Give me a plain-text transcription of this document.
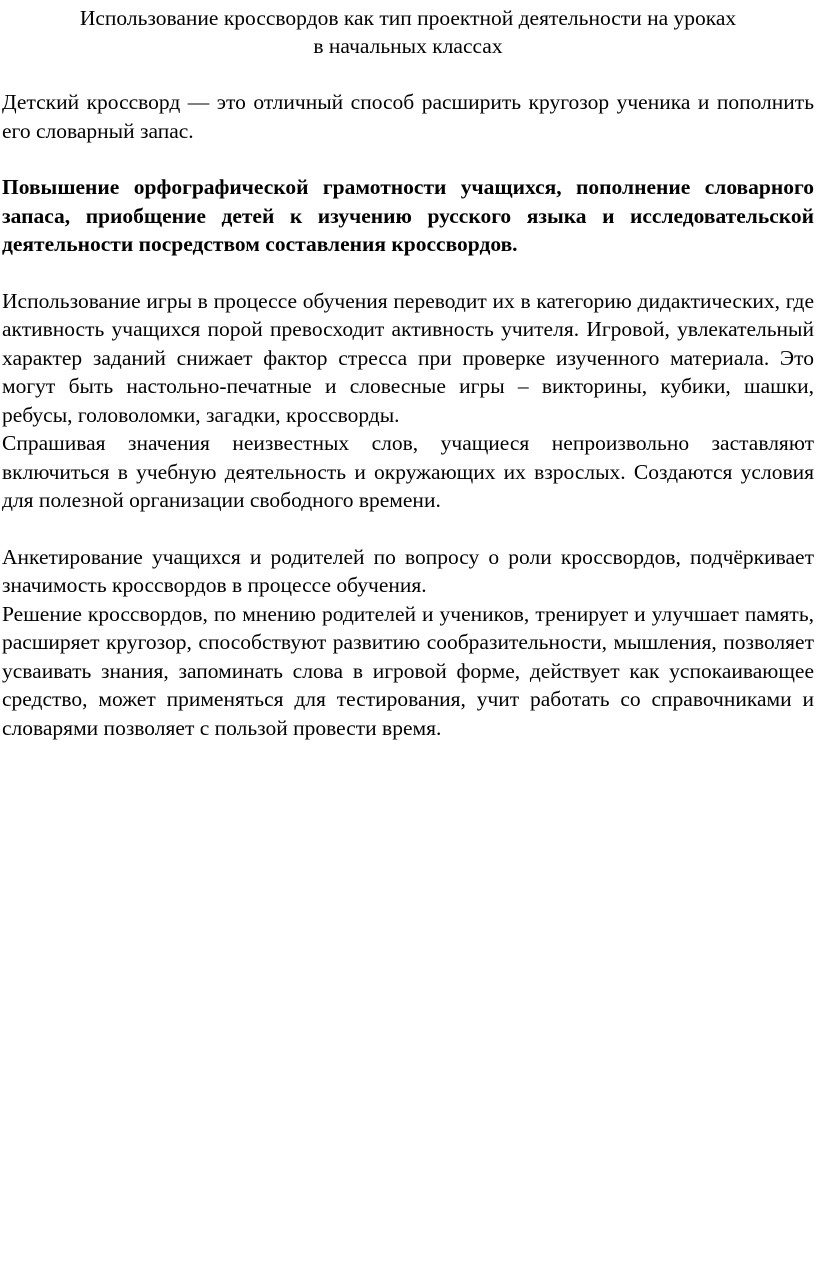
Использование кроссвордов как тип проектной деятельности на уроках
в начальных классах

Детский кроссворд — это отличный способ расширить кругозор ученика и пополнить его словарный запас.

Повышение орфографической грамотности учащихся, пополнение словарного запаса, приобщение детей к изучению русского языка и исследовательской деятельности посредством составления кроссвордов.

Использование игры в процессе обучения переводит их в категорию дидактических, где активность учащихся порой превосходит активность учителя. Игровой, увлекательный характер заданий снижает фактор стресса при проверке изученного материала. Это могут быть настольно-печатные и словесные игры – викторины, кубики, шашки, ребусы, головоломки, загадки, кроссворды.

Спрашивая значения неизвестных слов, учащиеся непроизвольно заставляют включиться в учебную деятельность и окружающих их взрослых. Создаются условия для полезной организации свободного времени.

Анкетирование учащихся и родителей по вопросу о роли кроссвордов, подчёркивает значимость кроссвордов в процессе обучения.

Решение кроссвордов, по мнению родителей и учеников, тренирует и улучшает память, расширяет кругозор, способствуют развитию сообразительности, мышления, позволяет усваивать знания, запоминать слова в игровой форме, действует как успокаивающее средство, может применяться для тестирования, учит работать со справочниками и словарями позволяет с пользой провести время.
